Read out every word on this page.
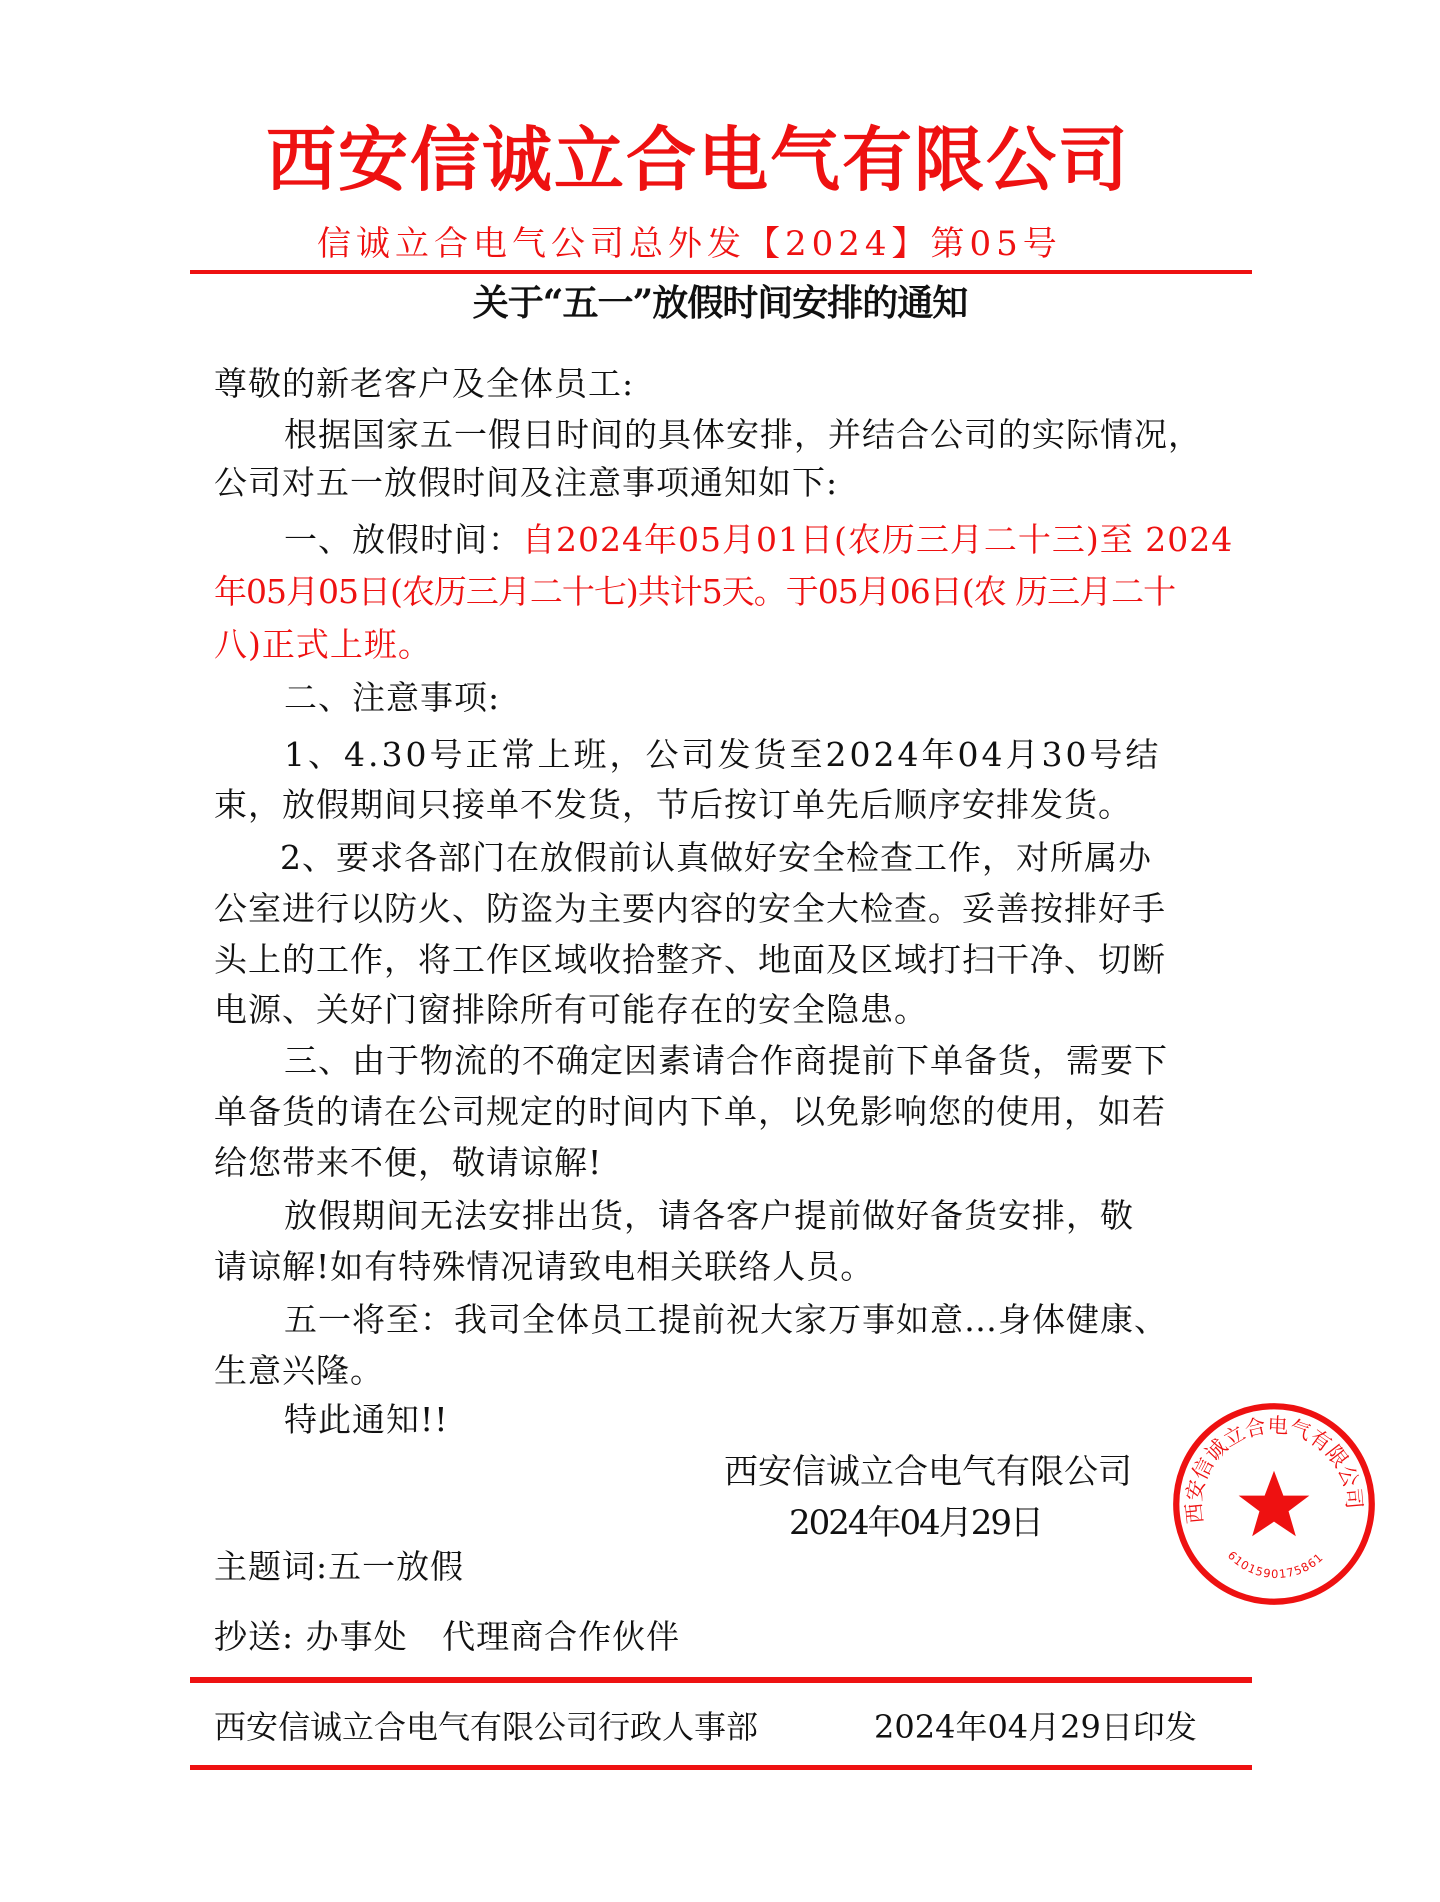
西安信诚立合电气有限公司
信诚立合电气公司总外发【2024】第05号
关于“五一”放假时间安排的通知
尊敬的新老客户及全体员工:
根据国家五一假日时间的具体安排，并结合公司的实际情况，
公司对五一放假时间及注意事项通知如下:
一、放假时间：自2024年05月01日(农历三月二十三)至 2024
年05月05日(农历三月二十七)共计5天。于05月06日(农 历三月二十
八)正式上班。
二、注意事项:
1、4.30号正常上班，公司发货至2024年04月30号结
束，放假期间只接单不发货，节后按订单先后顺序安排发货。
2、要求各部门在放假前认真做好安全检查工作，对所属办
公室进行以防火、防盗为主要内容的安全大检查。妥善按排好手
头上的工作，将工作区域收拾整齐、地面及区域打扫干净、切断
电源、关好门窗排除所有可能存在的安全隐患。
三、由于物流的不确定因素请合作商提前下单备货，需要下
单备货的请在公司规定的时间内下单，以免影响您的使用，如若
给您带来不便，敬请谅解!
放假期间无法安排出货，请各客户提前做好备货安排，敬
请谅解!如有特殊情况请致电相关联络人员。
五一将至：我司全体员工提前祝大家万事如意…身体健康、
生意兴隆。
特此通知!!
西安信诚立合电气有限公司
2024年04月29日	西安信诚立合电气有限公司
6101590175861
主题词:五一放假
抄送: 办事处   代理商合作伙伴
西安信诚立合电气有限公司行政人事部	2024年04月29日印发
